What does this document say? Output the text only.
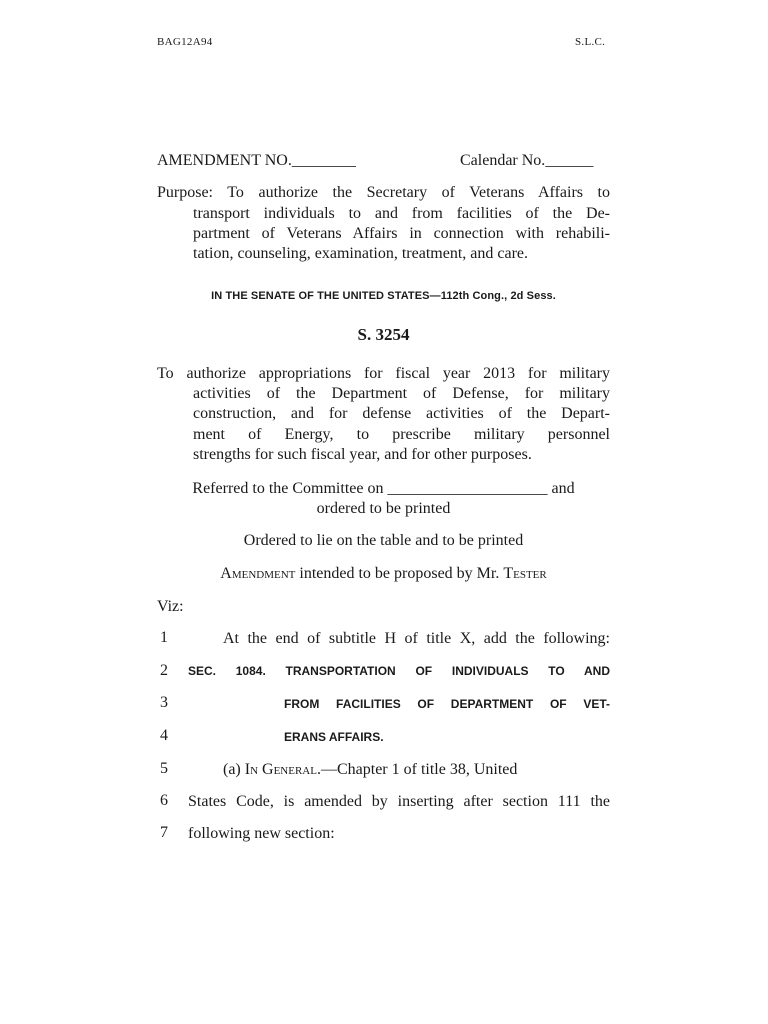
BAG12A94	S.L.C.
AMENDMENT NO.________	Calendar No.______
Purpose: To authorize the Secretary of Veterans Affairs to
transport individuals to and from facilities of the De-
partment of Veterans Affairs in connection with rehabili-
tation, counseling, examination, treatment, and care.
IN THE SENATE OF THE UNITED STATES—112th Cong., 2d Sess.
S. 3254
To authorize appropriations for fiscal year 2013 for military
activities of the Department of Defense, for military
construction, and for defense activities of the Depart-
ment of Energy, to prescribe military personnel
strengths for such fiscal year, and for other purposes.
Referred to the Committee on ____________________ and
ordered to be printed
Ordered to lie on the table and to be printed
Amendment intended to be proposed by Mr. Tester
Viz:
1	At the end of subtitle H of title X, add the following:
2	SEC. 1084. TRANSPORTATION OF INDIVIDUALS TO AND
3	FROM FACILITIES OF DEPARTMENT OF VET-
4	ERANS AFFAIRS.
5	(a) In General.—Chapter 1 of title 38, United
6	States Code, is amended by inserting after section 111 the
7	following new section:
